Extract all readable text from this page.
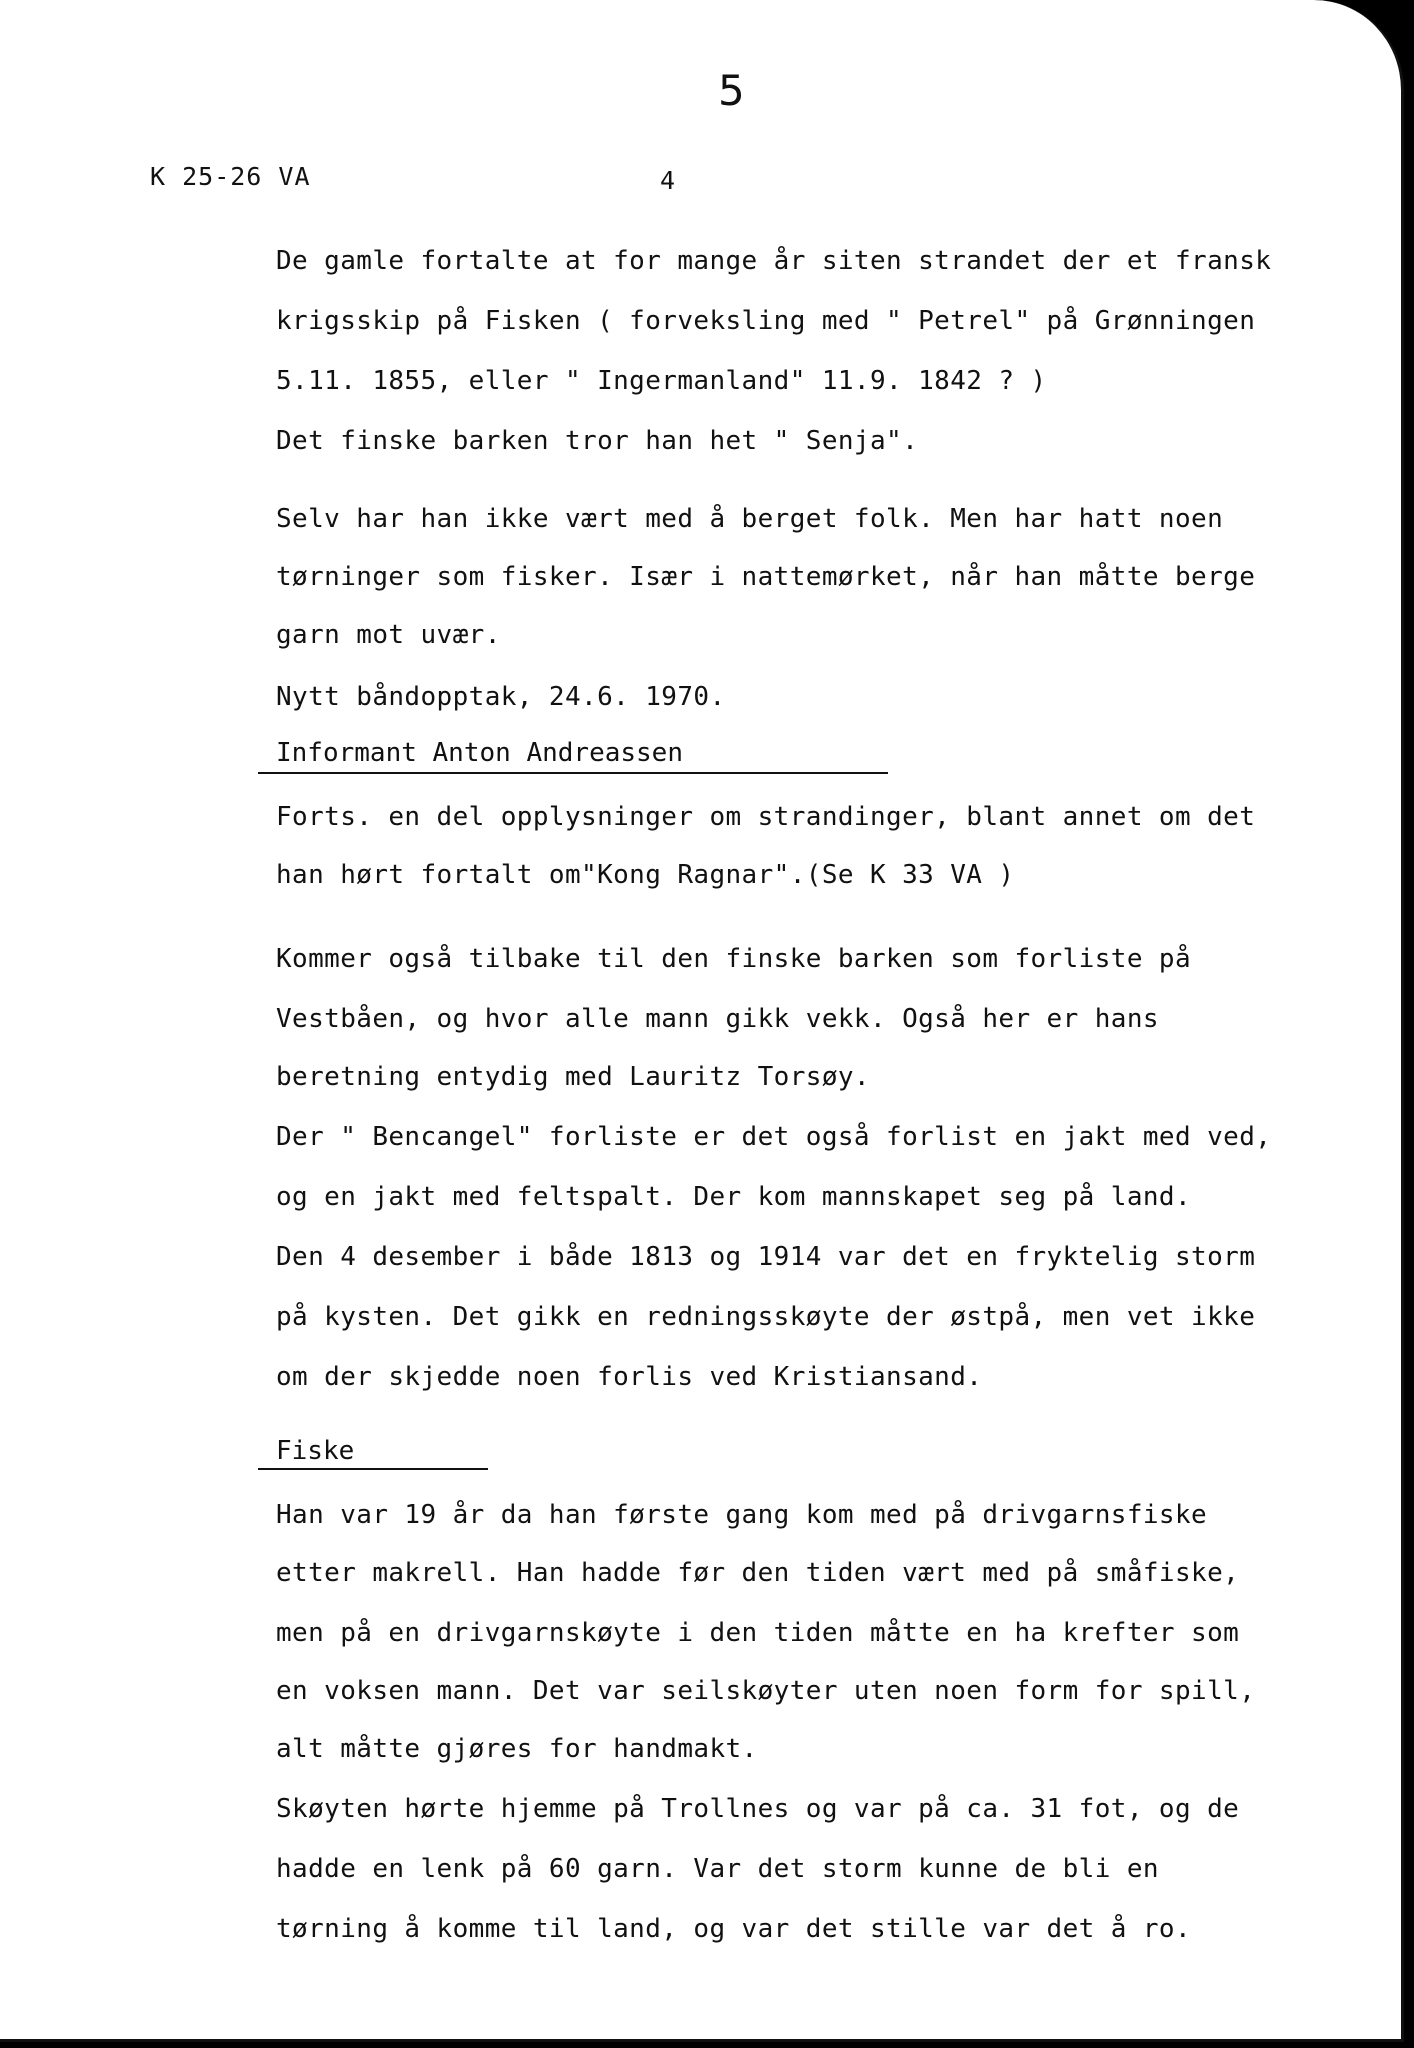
5
K 25-26 VA	4
De gamle fortalte at for mange år siten strandet der et fransk
krigsskip på Fisken ( forveksling med " Petrel" på Grønningen
5.11. 1855, eller " Ingermanland" 11.9. 1842 ? )
Det finske barken tror han het " Senja".
Selv har han ikke vært med å berget folk. Men har hatt noen
tørninger som fisker. Især i nattemørket, når han måtte berge
garn mot uvær.
Nytt båndopptak, 24.6. 1970.
Informant Anton Andreassen
Forts. en del opplysninger om strandinger, blant annet om det
han hørt fortalt om"Kong Ragnar".(Se K 33 VA )
Kommer også tilbake til den finske barken som forliste på
Vestbåen, og hvor alle mann gikk vekk. Også her er hans
beretning entydig med Lauritz Torsøy.
Der " Bencangel" forliste er det også forlist en jakt med ved,
og en jakt med feltspalt. Der kom mannskapet seg på land.
Den 4 desember i både 1813 og 1914 var det en fryktelig storm
på kysten. Det gikk en redningsskøyte der østpå, men vet ikke
om der skjedde noen forlis ved Kristiansand.
Fiske
Han var 19 år da han første gang kom med på drivgarnsfiske
etter makrell. Han hadde før den tiden vært med på småfiske,
men på en drivgarnskøyte i den tiden måtte en ha krefter som
en voksen mann. Det var seilskøyter uten noen form for spill,
alt måtte gjøres for handmakt.
Skøyten hørte hjemme på Trollnes og var på ca. 31 fot, og de
hadde en lenk på 60 garn. Var det storm kunne de bli en
tørning å komme til land, og var det stille var det å ro.
